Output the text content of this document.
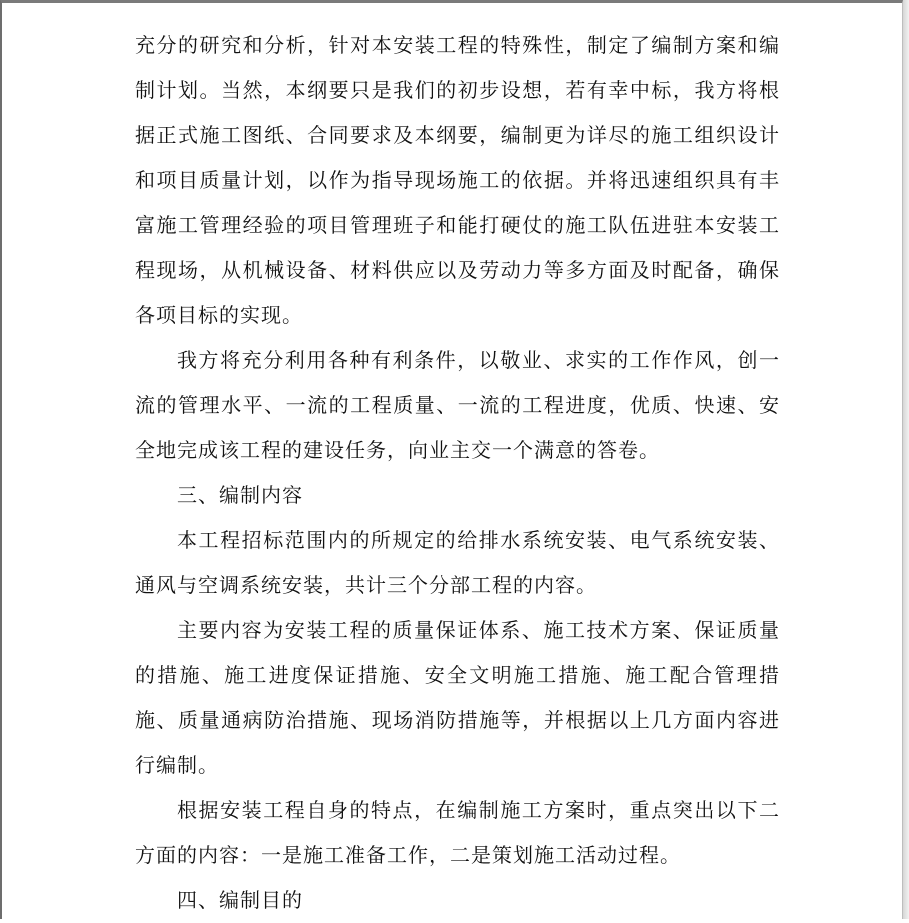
充分的研究和分析，针对本安装工程的特殊性，制定了编制方案和编制计划。当然，本纲要只是我们的初步设想，若有幸中标，我方将根据正式施工图纸、合同要求及本纲要，编制更为详尽的施工组织设计和项目质量计划，以作为指导现场施工的依据。并将迅速组织具有丰富施工管理经验的项目管理班子和能打硬仗的施工队伍进驻本安装工程现场，从机械设备、材料供应以及劳动力等多方面及时配备，确保各项目标的实现。

我方将充分利用各种有利条件，以敬业、求实的工作作风，创一流的管理水平、一流的工程质量、一流的工程进度，优质、快速、安全地完成该工程的建设任务，向业主交一个满意的答卷。

三、编制内容

本工程招标范围内的所规定的给排水系统安装、电气系统安装、通风与空调系统安装，共计三个分部工程的内容。

主要内容为安装工程的质量保证体系、施工技术方案、保证质量的措施、施工进度保证措施、安全文明施工措施、施工配合管理措施、质量通病防治措施、现场消防措施等，并根据以上几方面内容进行编制。

根据安装工程自身的特点，在编制施工方案时，重点突出以下二方面的内容：一是施工准备工作，二是策划施工活动过程。

四、编制目的
